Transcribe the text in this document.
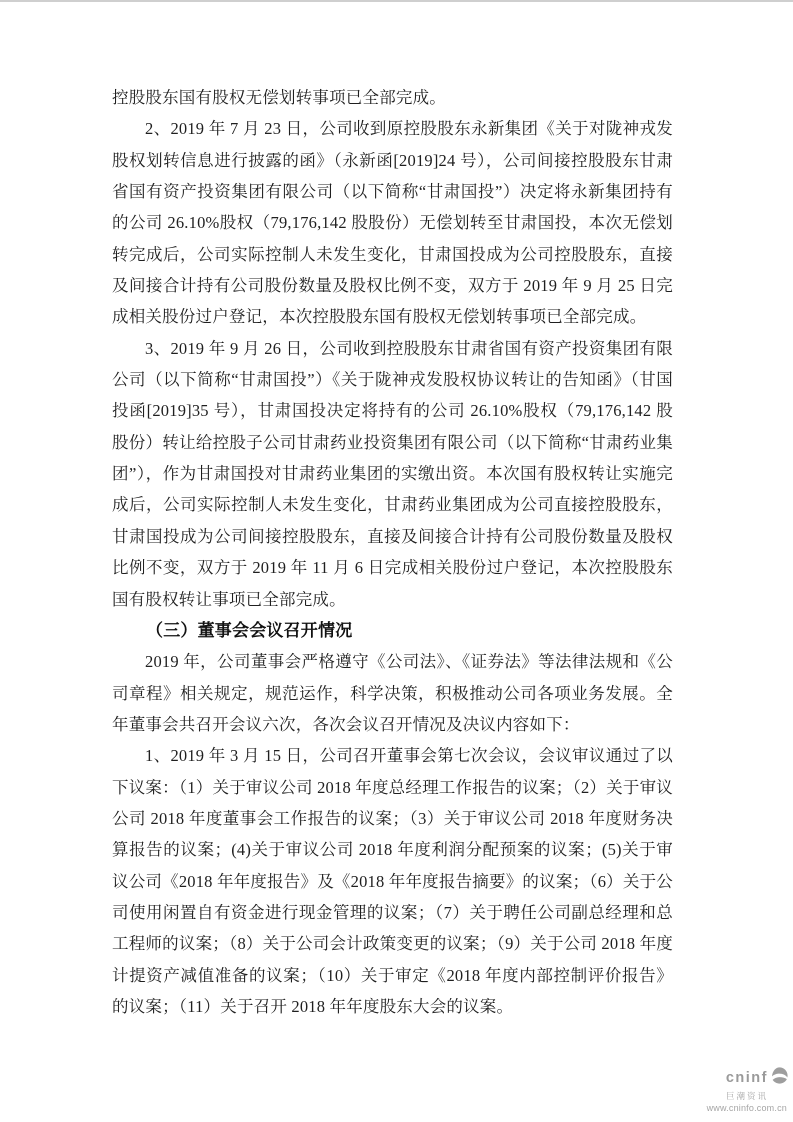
控股股东国有股权无偿划转事项已全部完成。

2、2019 年 7 月 23 日，公司收到原控股股东永新集团《关于对陇神戎发股权划转信息进行披露的函》（永新函[2019]24 号），公司间接控股股东甘肃省国有资产投资集团有限公司（以下简称“甘肃国投”）决定将永新集团持有的公司 26.10%股权（79,176,142 股股份）无偿划转至甘肃国投，本次无偿划转完成后，公司实际控制人未发生变化，甘肃国投成为公司控股股东，直接及间接合计持有公司股份数量及股权比例不变，双方于 2019 年 9 月 25 日完成相关股份过户登记，本次控股股东国有股权无偿划转事项已全部完成。

3、2019 年 9 月 26 日，公司收到控股股东甘肃省国有资产投资集团有限公司（以下简称“甘肃国投”）《关于陇神戎发股权协议转让的告知函》（甘国投函[2019]35 号），甘肃国投决定将持有的公司 26.10%股权（79,176,142 股股份）转让给控股子公司甘肃药业投资集团有限公司（以下简称“甘肃药业集团”），作为甘肃国投对甘肃药业集团的实缴出资。本次国有股权转让实施完成后，公司实际控制人未发生变化，甘肃药业集团成为公司直接控股股东，甘肃国投成为公司间接控股股东，直接及间接合计持有公司股份数量及股权比例不变，双方于 2019 年 11 月 6 日完成相关股份过户登记，本次控股股东国有股权转让事项已全部完成。

（三）董事会会议召开情况

2019 年，公司董事会严格遵守《公司法》、《证券法》等法律法规和《公司章程》相关规定，规范运作，科学决策，积极推动公司各项业务发展。全年董事会共召开会议六次，各次会议召开情况及决议内容如下：

1、2019 年 3 月 15 日，公司召开董事会第七次会议，会议审议通过了以下议案：（1）关于审议公司 2018 年度总经理工作报告的议案；（2）关于审议公司 2018 年度董事会工作报告的议案；（3）关于审议公司 2018 年度财务决算报告的议案；(4)关于审议公司 2018 年度利润分配预案的议案；(5)关于审议公司《2018 年年度报告》及《2018 年年度报告摘要》的议案；（6）关于公司使用闲置自有资金进行现金管理的议案；（7）关于聘任公司副总经理和总工程师的议案；（8）关于公司会计政策变更的议案；（9）关于公司 2018 年度计提资产减值准备的议案；（10）关于审定《2018 年度内部控制评价报告》的议案；（11）关于召开 2018 年年度股东大会的议案。

cninf
巨潮资讯
www.cninfo.com.cn
